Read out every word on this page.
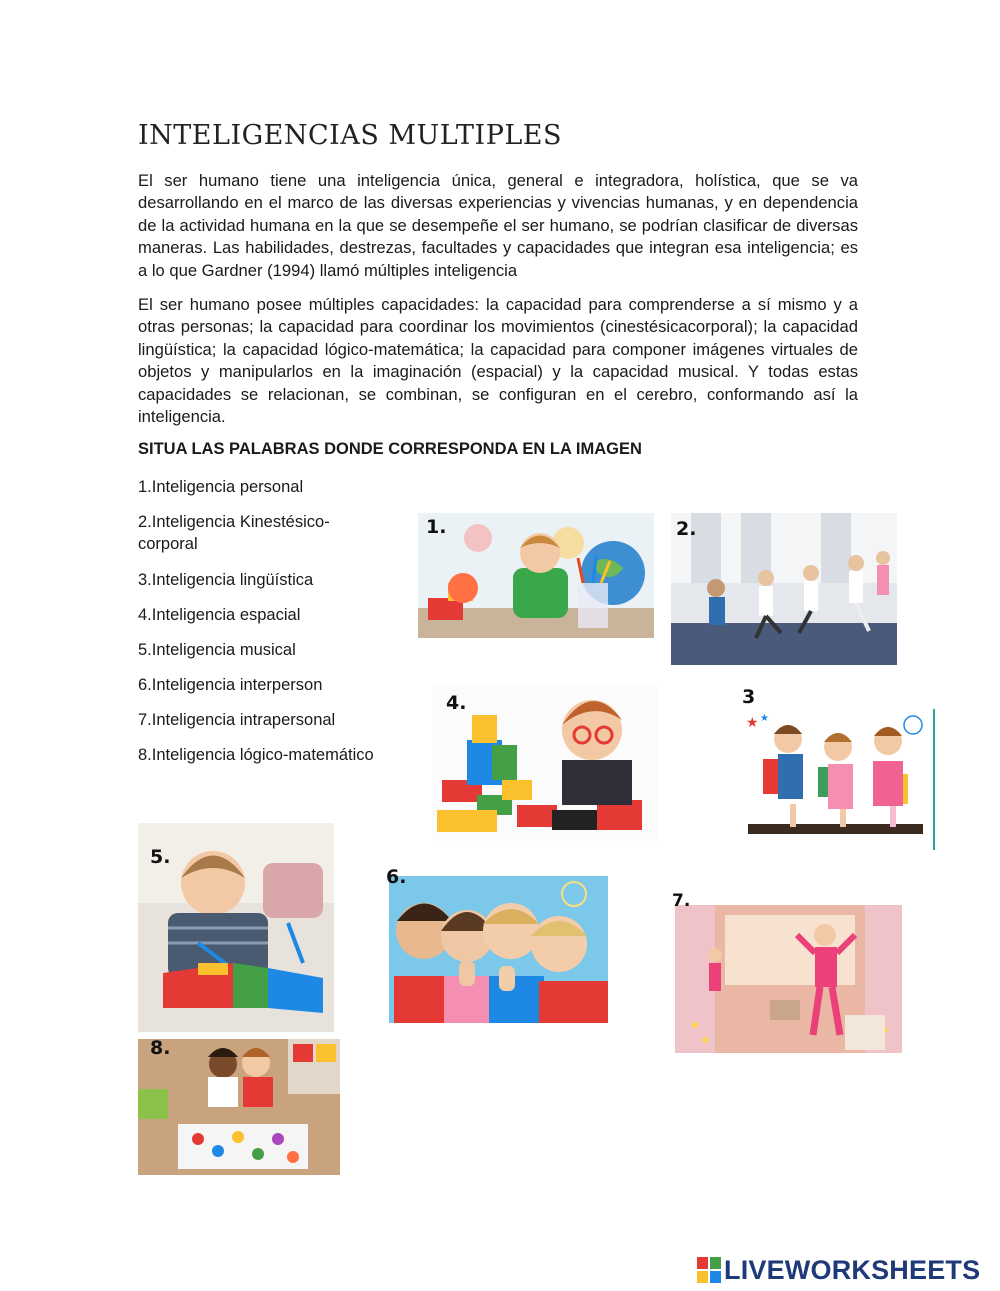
INTELIGENCIAS MULTIPLES
El ser humano tiene una inteligencia única, general e integradora, holística, que se va desarrollando en el marco de las diversas experiencias y vivencias humanas, y en dependencia de la actividad humana en la que se desempeñe el ser humano, se podrían clasificar de diversas maneras. Las habilidades, destrezas, facultades y capacidades que integran esa inteligencia; es a lo que Gardner (1994) llamó múltiples inteligencia
El ser humano posee múltiples capacidades: la capacidad para comprenderse a sí mismo y a otras personas; la capacidad para coordinar los movimientos (cinestésicacorporal); la capacidad lingüística; la capacidad lógico-matemática; la capacidad para componer imágenes virtuales de objetos y manipularlos en la imaginación (espacial) y la capacidad musical. Y todas estas capacidades se relacionan, se combinan, se configuran en el cerebro, conformando así la inteligencia.
SITUA LAS PALABRAS DONDE CORRESPONDA EN LA IMAGEN
1.Inteligencia personal
2.Inteligencia Kinestésico-corporal
3.Inteligencia lingüística
4.Inteligencia espacial
5.Inteligencia musical
6.Inteligencia interperson
7.Inteligencia intrapersonal
8.Inteligencia lógico-matemático
1.	2.
4.
★ ★
3
5.
6.
7.
8.
LIVEWORKSHEETS
